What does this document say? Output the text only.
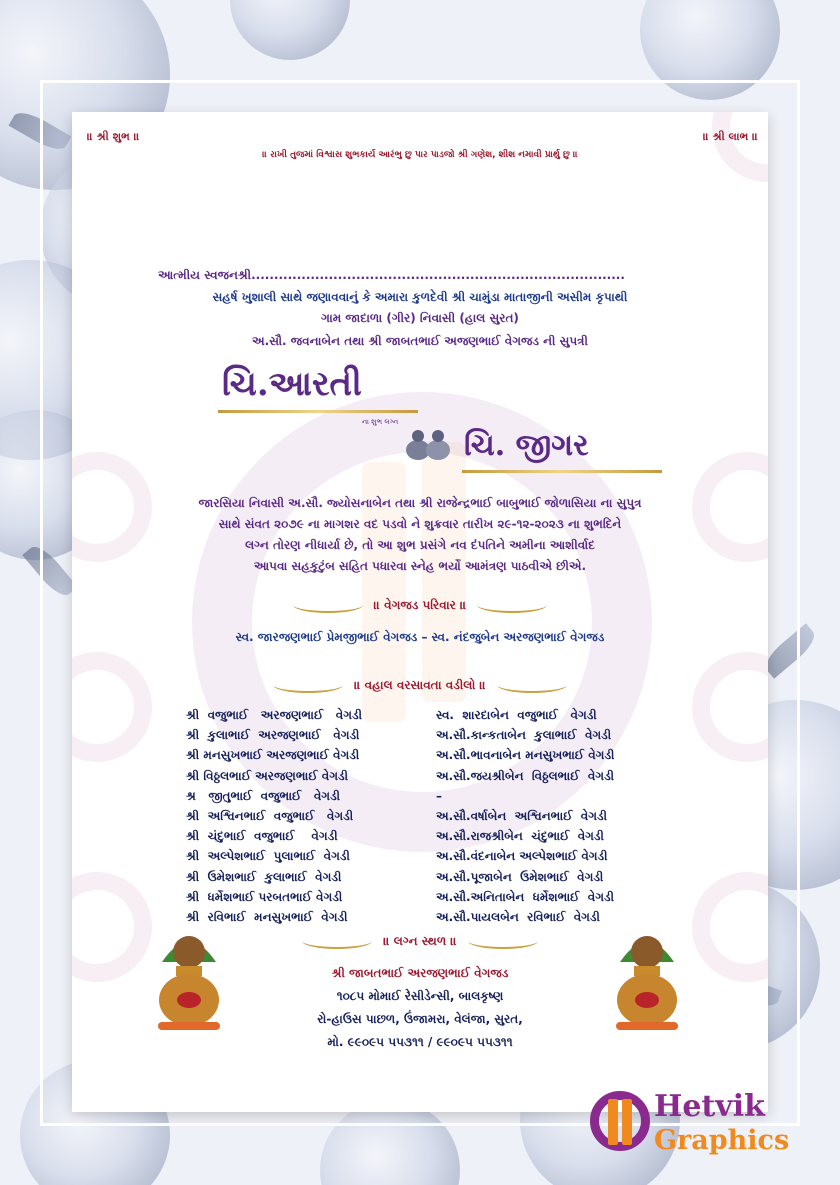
॥ શ્રી શુભ ॥	॥ શ્રી લાભ ॥
॥ રાખી તુજમાં વિશ્વાસ શુભકાર્ય આરંભુ છુ પાર પાડજો શ્રી ગણેશ, શીશ નમાવી પ્રાર્થુ છુ ॥
આત્મીય સ્વજનશ્રી..................................................................................
સહર્ષ ખુશાલી સાથે જણાવવાનું કે અમારા કુળદેવી શ્રી ચામુંડા માતાજીની અસીમ કૃપાથી
ગામ જાદાળા (ગીર) નિવાસી (હાલ સુરત)
અ.સૌ. જવનાબેન તથા શ્રી જાબતભાઈ અજણભાઈ વેગજડ ની સુપત્રી
ચિ.આરતી
ના શુભ લગ્ન
ચિ. જીગર
જારસિયા નિવાસી અ.સૌ. જ્યોસનાબેન તથા શ્રી રાજેન્દ્રભાઈ બાબુભાઈ જોળાસિયા ના સુપુત્ર
સાથે સંવત ૨૦૭૯ ના માગશર વદ પડવો ને શુક્રવાર તારીખ ૨૯-૧૨-૨૦૨૩ ના શુભદિને
લગ્ન તોરણ નીધાર્યા છે, તો આ શુભ પ્રસંગે નવ દંપતિને અમીના આશીર્વાદ
આપવા સહકુટુંબ સહિત પધારવા સ્નેહ ભર્યો આમંત્રણ પાઠવીએ છીએ.
॥ વેગજડ પરિવાર ॥
સ્વ. જારજણભાઈ પ્રેમજીભાઈ વેગજડ – સ્વ. નંદજુબેન અરજણભાઈ વેગજડ
॥ વહાલ વરસાવતા વડીલો ॥
શ્રી  વજુભાઈ   અરજણભાઈ   વેગડી	સ્વ.  શારદાબેન  વજુભાઈ   વેગડી
શ્રી  કુલાભાઈ  અરજણભાઈ   વેગડી	અ.સૌ.કાન્કતાબેન  કુલાભાઈ  વેગડી
શ્રી મનસુખભાઈ અરજણભાઈ વેગડી	અ.સૌ.ભાવનાબેન મનસુખભાઈ વેગડી
શ્રી વિઠ્ઠલભાઈ અરજણભાઈ વેગડી	અ.સૌ.જયશ્રીબેન  વિઠ્ઠલભાઈ  વેગડી
શ્ર   જીતુભાઈ  વજુભાઈ   વેગડી	–
શ્રી  અશ્વિનભાઈ  વજુભાઈ   વેગડી	અ.સૌ.વર્ષાબેન  અશ્વિનભાઈ  વેગડી
શ્રી  ચંદુભાઈ  વજુભાઈ    વેગડી	અ.સૌ.રાજશ્રીબેન  ચંદુભાઈ  વેગડી
શ્રી  અલ્પેશભાઈ  પુલાભાઈ  વેગડી	અ.સૌ.વંદનાબેન અલ્પેશભાઈ વેગડી
શ્રી  ઉમેશભાઈ  કુલાભાઈ  વેગડી	અ.સૌ.પૂજાબેન  ઉમેશભાઈ  વેગડી
શ્રી  ધર્મેશભાઈ પરબતભાઈ વેગડી	અ.સૌ.અનિતાબેન  ધર્મેશભાઈ  વેગડી
શ્રી  રવિભાઈ  મનસુખભાઈ  વેગડી	અ.સૌ.પાયલબેન  રવિભાઈ  વેગડી
॥ લગ્ન સ્થળ ॥
શ્રી જાબતભાઈ અરજણભાઈ વેગજડ
૧૦૮૫ મોમાઈ રેસીડેન્સી, બાલકૃષ્ણ
રો-હાઉસ પાછળ, ઉંજામરા, વેલંજા, સુરત,
મો. ૯૯૦૯૫ ૫૫૩૧૧ / ૯૯૦૯૫ ૫૫૩૧૧
Hetvik
Graphics
